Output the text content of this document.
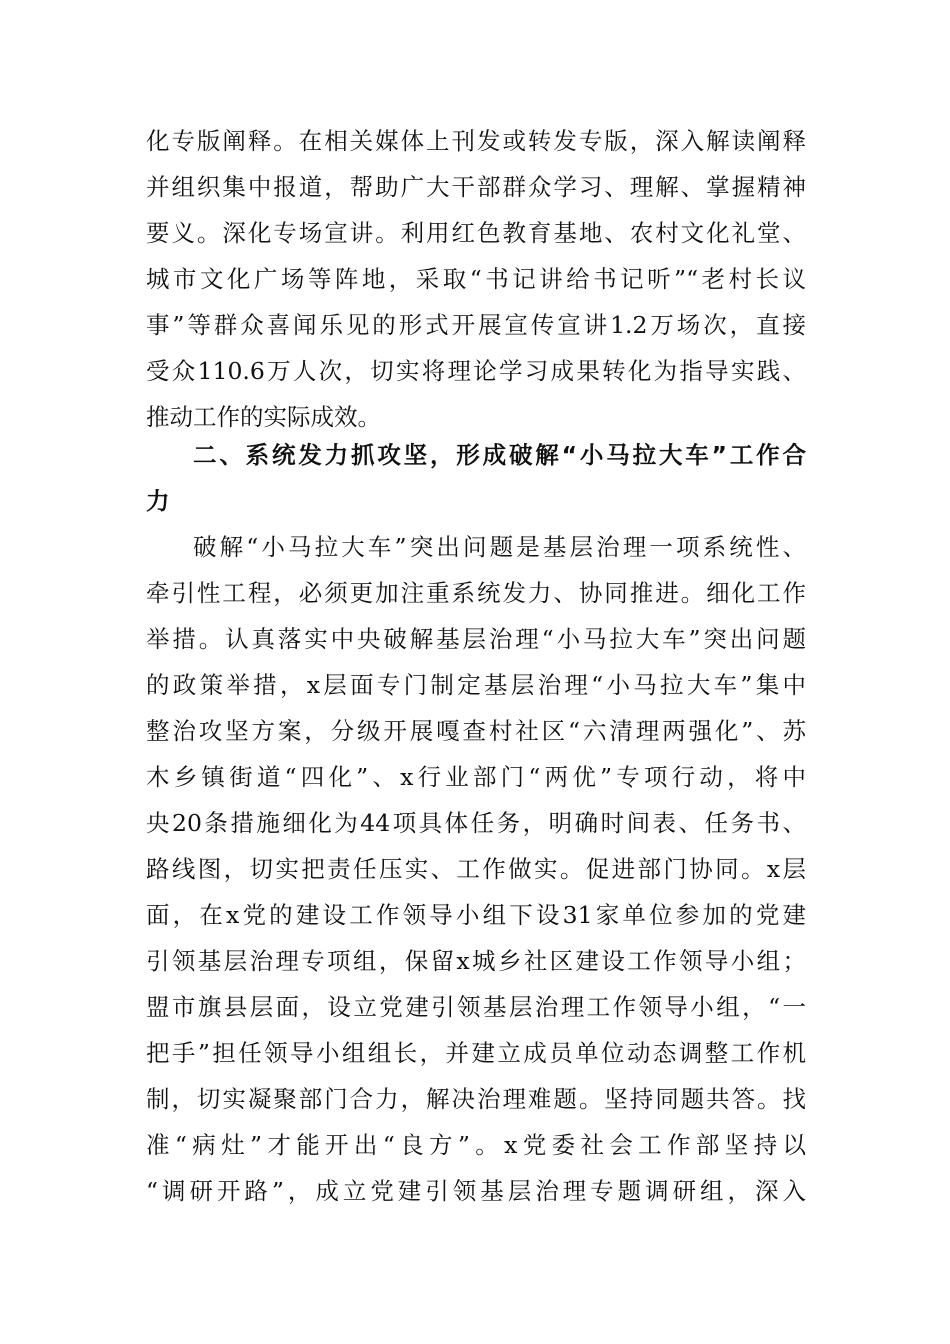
化专版阐释。在相关媒体上刊发或转发专版，深入解读阐释
并组织集中报道，帮助广大干部群众学习、理解、掌握精神
要义。深化专场宣讲。利用红色教育基地、农村文化礼堂、
城市文化广场等阵地，采取“书记讲给书记听”“老村长议
事”等群众喜闻乐见的形式开展宣传宣讲1.2万场次，直接
受众110.6万人次，切实将理论学习成果转化为指导实践、
推动工作的实际成效。
二、系统发力抓攻坚，形成破解“小马拉大车”工作合
力
破解“小马拉大车”突出问题是基层治理一项系统性、
牵引性工程，必须更加注重系统发力、协同推进。细化工作
举措。认真落实中央破解基层治理“小马拉大车”突出问题
的政策举措，x层面专门制定基层治理“小马拉大车”集中
整治攻坚方案，分级开展嘎查村社区“六清理两强化”、苏
木乡镇街道“四化”、x行业部门“两优”专项行动，将中
央20条措施细化为44项具体任务，明确时间表、任务书、
路线图，切实把责任压实、工作做实。促进部门协同。x层
面，在x党的建设工作领导小组下设31家单位参加的党建
引领基层治理专项组，保留x城乡社区建设工作领导小组；
盟市旗县层面，设立党建引领基层治理工作领导小组，“一
把手”担任领导小组组长，并建立成员单位动态调整工作机
制，切实凝聚部门合力，解决治理难题。坚持同题共答。找
准“病灶”才能开出“良方”。x党委社会工作部坚持以
“调研开路”，成立党建引领基层治理专题调研组，深入
